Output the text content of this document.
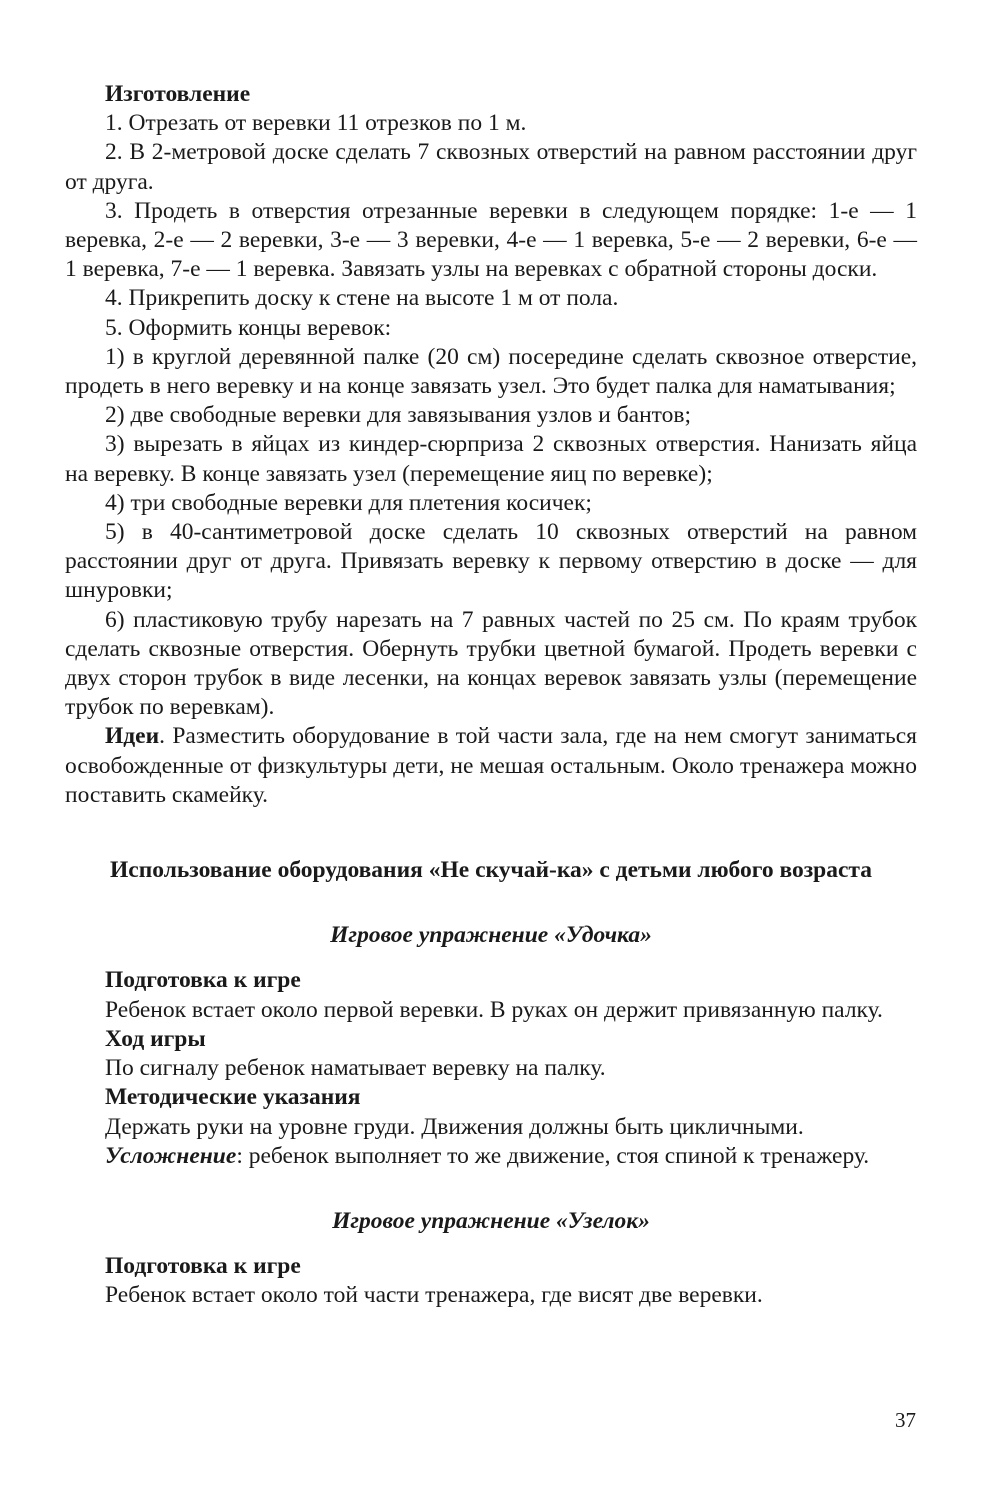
Изготовление

1. Отрезать от веревки 11 отрезков по 1 м.

2. В 2-метровой доске сделать 7 сквозных отверстий на равном расстоянии друг от друга.

3. Продеть в отверстия отрезанные веревки в следующем порядке: 1-е — 1 веревка, 2-е — 2 веревки, 3-е — 3 веревки, 4-е — 1 веревка, 5-е — 2 веревки, 6-е — 1 веревка, 7-е — 1 веревка. Завязать узлы на веревках с обратной стороны доски.

4. Прикрепить доску к стене на высоте 1 м от пола.

5. Оформить концы веревок:

1) в круглой деревянной палке (20 см) посередине сделать сквозное отверстие, продеть в него веревку и на конце завязать узел. Это будет палка для наматывания;

2) две свободные веревки для завязывания узлов и бантов;

3) вырезать в яйцах из киндер-сюрприза 2 сквозных отверстия. Нанизать яйца на веревку. В конце завязать узел (перемещение яиц по веревке);

4) три свободные веревки для плетения косичек;

5) в 40-сантиметровой доске сделать 10 сквозных отверстий на равном расстоянии друг от друга. Привязать веревку к первому отверстию в доске — для шнуровки;

6) пластиковую трубу нарезать на 7 равных частей по 25 см. По краям трубок сделать сквозные отверстия. Обернуть трубки цветной бумагой. Продеть веревки с двух сторон трубок в виде лесенки, на концах веревок завязать узлы (перемещение трубок по веревкам).

Идеи. Разместить оборудование в той части зала, где на нем смогут заниматься освобожденные от физкультуры дети, не мешая остальным. Около тренажера можно поставить скамейку.

Использование оборудования «Не скучай-ка» с детьми любого возраста
Игровое упражнение «Удочка»
Подготовка к игре
Ребенок встает около первой веревки. В руках он держит привязанную палку.
Ход игры
По сигналу ребенок наматывает веревку на палку.
Методические указания
Держать руки на уровне груди. Движения должны быть цикличными.
Усложнение: ребенок выполняет то же движение, стоя спиной к тренажеру.
Игровое упражнение «Узелок»
Подготовка к игре
Ребенок встает около той части тренажера, где висят две веревки.
37
